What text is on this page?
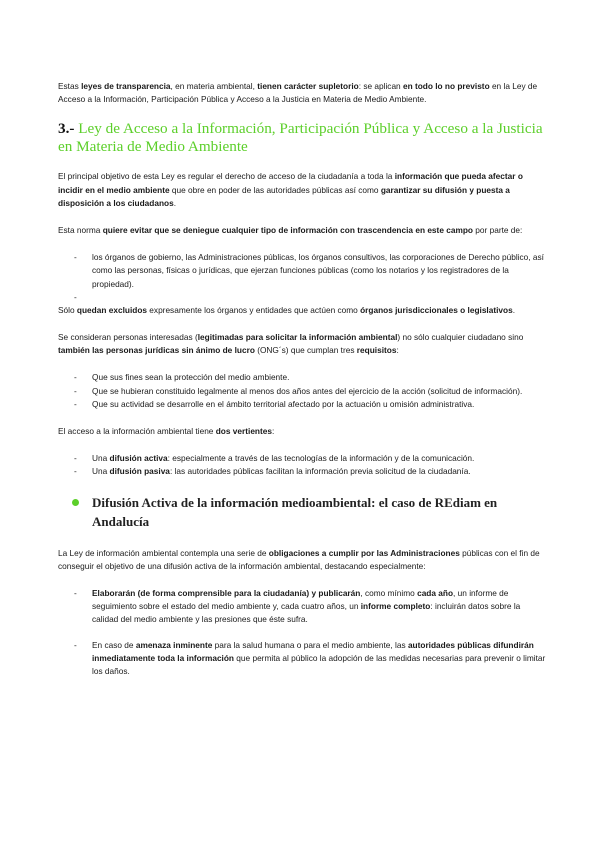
Estas leyes de transparencia, en materia ambiental, tienen carácter supletorio: se aplican en todo lo no previsto en la Ley de Acceso a la Información, Participación Pública y Acceso a la Justicia en Materia de Medio Ambiente.

3.- Ley de Acceso a la Información, Participación Pública y Acceso a la Justicia en Materia de Medio Ambiente

El principal objetivo de esta Ley es regular el derecho de acceso de la ciudadanía a toda la información que pueda afectar o incidir en el medio ambiente que obre en poder de las autoridades públicas así como garantizar su difusión y puesta a disposición a los ciudadanos.

Esta norma quiere evitar que se deniegue cualquier tipo de información con trascendencia en este campo por parte de:

- los órganos de gobierno, las Administraciones públicas, los órganos consultivos, las corporaciones de Derecho público, así como las personas, físicas o jurídicas, que ejerzan funciones públicas (como los notarios y los registradores de la propiedad).
-

Sólo quedan excluidos expresamente los órganos y entidades que actúen como órganos jurisdiccionales o legislativos.

Se consideran personas interesadas (legitimadas para solicitar la información ambiental) no sólo cualquier ciudadano sino también las personas jurídicas sin ánimo de lucro (ONG´s) que cumplan tres requisitos:

- Que sus fines sean la protección del medio ambiente.
- Que se hubieran constituido legalmente al menos dos años antes del ejercicio de la acción (solicitud de información).
- Que su actividad se desarrolle en el ámbito territorial afectado por la actuación u omisión administrativa.

El acceso a la información ambiental tiene dos vertientes:

- Una difusión activa: especialmente a través de las tecnologías de la información y de la comunicación.
- Una difusión pasiva: las autoridades públicas facilitan la información previa solicitud de la ciudadanía.
Difusión Activa de la información medioambiental: el caso de REdiam en Andalucía

La Ley de información ambiental contempla una serie de obligaciones a cumplir por las Administraciones públicas con el fin de conseguir el objetivo de una difusión activa de la información ambiental, destacando especialmente:

- Elaborarán (de forma comprensible para la ciudadanía) y publicarán, como mínimo cada año, un informe de seguimiento sobre el estado del medio ambiente y, cada cuatro años, un informe completo: incluirán datos sobre la calidad del medio ambiente y las presiones que éste sufra.
- En caso de amenaza inminente para la salud humana o para el medio ambiente, las autoridades públicas difundirán inmediatamente toda la información que permita al público la adopción de las medidas necesarias para prevenir o limitar los daños.
